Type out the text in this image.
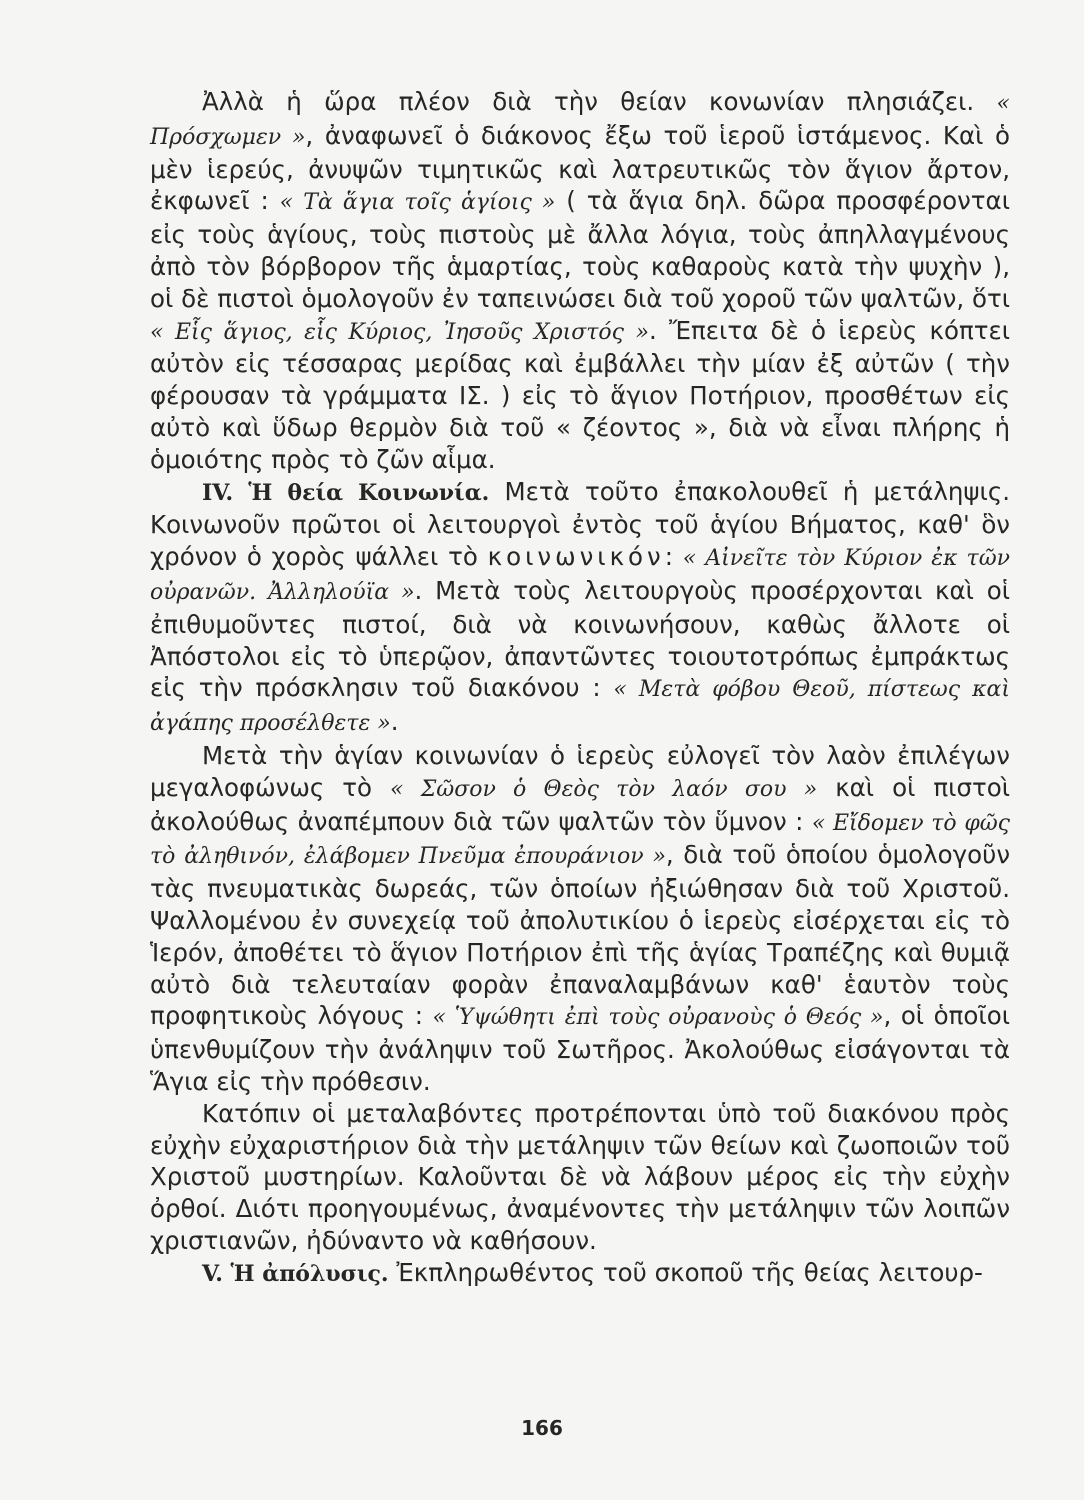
Ἀλλὰ ἡ ὥρα πλέον διὰ τὴν θείαν κονωνίαν πλησιάζει. « Πρόσχωμεν », ἀναφωνεῖ ὁ διάκονος ἔξω τοῦ ἱεροῦ ἱστάμενος. Καὶ ὁ μὲν ἱερεύς, ἀνυψῶν τιμητικῶς καὶ λατρευτικῶς τὸν ἅγιον ἄρτον, ἐκφωνεῖ : « Τὰ ἅγια τοῖς ἁγίοις » ( τὰ ἅγια δηλ. δῶρα προσφέρονται εἰς τοὺς ἁγίους, τοὺς πιστοὺς μὲ ἄλλα λόγια, τοὺς ἀπηλλαγμένους ἀπὸ τὸν βόρβορον τῆς ἁμαρτίας, τοὺς καθαροὺς κατὰ τὴν ψυχὴν ), οἱ δὲ πιστοὶ ὁμολογοῦν ἐν ταπεινώσει διὰ τοῦ χοροῦ τῶν ψαλτῶν, ὅτι « Εἷς ἅγιος, εἷς Κύριος, Ἰησοῦς Χριστός ». Ἔπειτα δὲ ὁ ἱερεὺς κόπτει αὐτὸν εἰς τέσσαρας μερίδας καὶ ἐμβάλλει τὴν μίαν ἐξ αὐτῶν ( τὴν φέρουσαν τὰ γράμματα ΙΣ. ) εἰς τὸ ἅγιον Ποτήριον, προσθέτων εἰς αὐτὸ καὶ ὕδωρ θερμὸν διὰ τοῦ « ζέοντος », διὰ νὰ εἶναι πλήρης ἡ ὁμοιότης πρὸς τὸ ζῶν αἷμα.

IV. Ἡ θεία Κοινωνία. Μετὰ τοῦτο ἐπακολουθεῖ ἡ μετάληψις. Κοινωνοῦν πρῶτοι οἱ λειτουργοὶ ἐντὸς τοῦ ἁγίου Βήματος, καθ' ὃν χρόνον ὁ χορὸς ψάλλει τὸ κοινωνικόν: « Αἰνεῖτε τὸν Κύριον ἐκ τῶν οὐρανῶν. Ἀλληλούϊα ». Μετὰ τοὺς λειτουργοὺς προσέρχονται καὶ οἱ ἐπιθυμοῦντες πιστοί, διὰ νὰ κοινωνήσουν, καθὼς ἄλλοτε οἱ Ἀπόστολοι εἰς τὸ ὑπερῷον, ἀπαντῶντες τοιουτοτρόπως ἐμπράκτως εἰς τὴν πρόσκλησιν τοῦ διακόνου : « Μετὰ φόβου Θεοῦ, πίστεως καὶ ἀγάπης προσέλθετε ».

Μετὰ τὴν ἁγίαν κοινωνίαν ὁ ἱερεὺς εὐλογεῖ τὸν λαὸν ἐπιλέγων μεγαλοφώνως τὸ « Σῶσον ὁ Θεὸς τὸν λαόν σου » καὶ οἱ πιστοὶ ἀκολούθως ἀναπέμπουν διὰ τῶν ψαλτῶν τὸν ὕμνον : « Εἴδομεν τὸ φῶς τὸ ἀληθινόν, ἐλάβομεν Πνεῦμα ἐπουράνιον », διὰ τοῦ ὁποίου ὁμολογοῦν τὰς πνευματικὰς δωρεάς, τῶν ὁποίων ἠξιώθησαν διὰ τοῦ Χριστοῦ. Ψαλλομένου ἐν συνεχείᾳ τοῦ ἀπολυτικίου ὁ ἱερεὺς εἰσέρχεται εἰς τὸ Ἱερόν, ἀποθέτει τὸ ἅγιον Ποτήριον ἐπὶ τῆς ἁγίας Τραπέζης καὶ θυμιᾷ αὐτὸ διὰ τελευταίαν φορὰν ἐπαναλαμβάνων καθ' ἑαυτὸν τοὺς προφητικοὺς λόγους : « Ὑψώθητι ἐπὶ τοὺς οὐρανοὺς ὁ Θεός », οἱ ὁποῖοι ὑπενθυμίζουν τὴν ἀνάληψιν τοῦ Σωτῆρος. Ἀκολούθως εἰσάγονται τὰ Ἅγια εἰς τὴν πρόθεσιν.

Κατόπιν οἱ μεταλαβόντες προτρέπονται ὑπὸ τοῦ διακόνου πρὸς εὐχὴν εὐχαριστήριον διὰ τὴν μετάληψιν τῶν θείων καὶ ζωοποιῶν τοῦ Χριστοῦ μυστηρίων. Καλοῦνται δὲ νὰ λάβουν μέρος εἰς τὴν εὐχὴν ὀρθοί. Διότι προηγουμένως, ἀναμένοντες τὴν μετάληψιν τῶν λοιπῶν χριστιανῶν, ἠδύναντο νὰ καθήσουν.

V. Ἡ ἀπόλυσις. Ἐκπληρωθέντος τοῦ σκοποῦ τῆς θείας λειτουρ-

166
